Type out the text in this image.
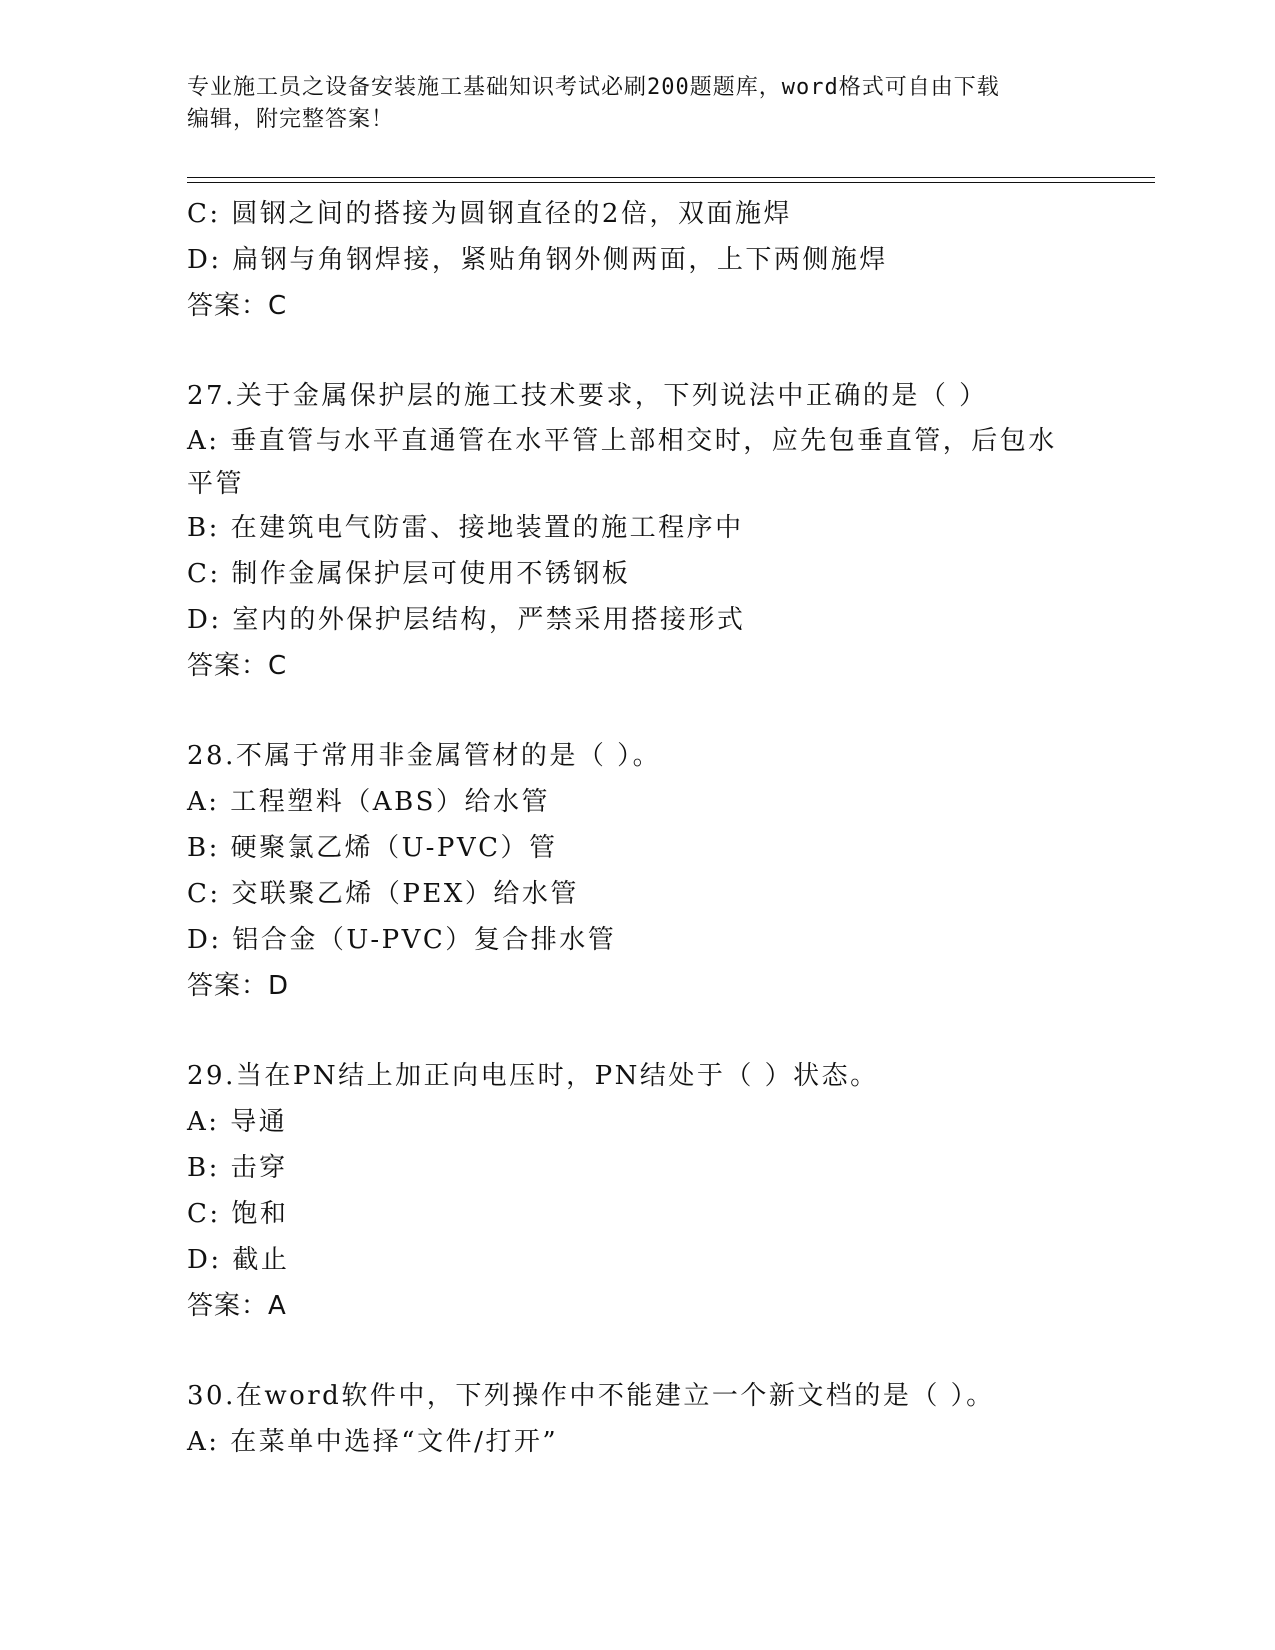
专业施工员之设备安装施工基础知识考试必刷200题题库，word格式可自由下载
编辑，附完整答案！
C: 圆钢之间的搭接为圆钢直径的2倍，双面施焊
D: 扁钢与角钢焊接，紧贴角钢外侧两面，上下两侧施焊
答案：C
27.关于金属保护层的施工技术要求，下列说法中正确的是（ ）
A: 垂直管与水平直通管在水平管上部相交时，应先包垂直管，后包水
平管
B: 在建筑电气防雷、接地装置的施工程序中
C: 制作金属保护层可使用不锈钢板
D: 室内的外保护层结构，严禁采用搭接形式
答案：C
28.不属于常用非金属管材的是（ ）。
A: 工程塑料（ABS）给水管
B: 硬聚氯乙烯（U-PVC）管
C: 交联聚乙烯（PEX）给水管
D: 铝合金（U-PVC）复合排水管
答案：D
29.当在PN结上加正向电压时，PN结处于（ ）状态。
A: 导通
B: 击穿
C: 饱和
D: 截止
答案：A
30.在word软件中，下列操作中不能建立一个新文档的是（ ）。
A: 在菜单中选择“文件/打开”
